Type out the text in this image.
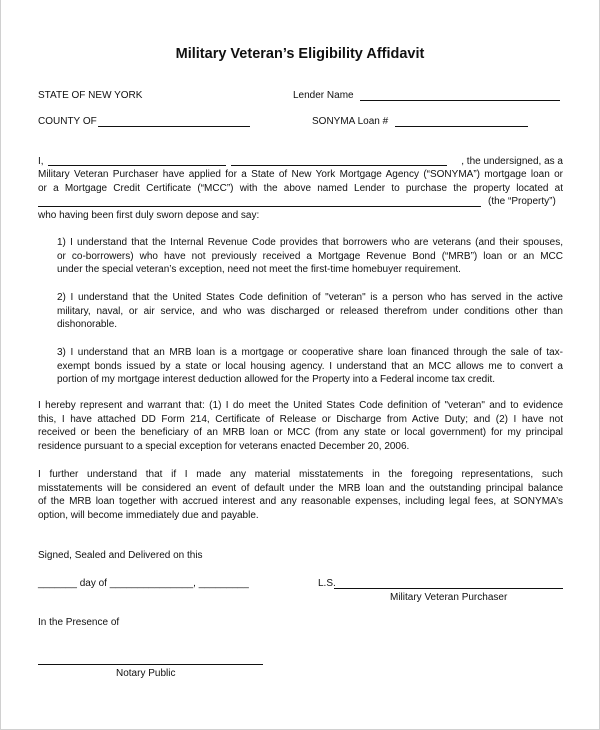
Military Veteran’s Eligibility Affidavit
STATE OF NEW YORK	Lender Name
COUNTY OF	SONYMA Loan #
I,	, the undersigned, as a
Military Veteran Purchaser have applied for a State of New York Mortgage Agency (“SONYMA”) mortgage loan or
or a Mortgage Credit Certificate (“MCC”) with the above named Lender to purchase the property located at
(the “Property”)
who having been first duly sworn depose and say:
1) I understand that the Internal Revenue Code provides that borrowers who are veterans (and their spouses,
or co-borrowers) who have not previously received a Mortgage Revenue Bond (“MRB”) loan or an MCC
under the special veteran’s exception, need not meet the first-time homebuyer requirement.
2) I understand that the United States Code definition of "veteran" is a person who has served in the active
military, naval, or air service, and who was discharged or released therefrom under conditions other than
dishonorable.
3) I understand that an MRB loan is a mortgage or cooperative share loan financed through the sale of tax-
exempt bonds issued by a state or local housing agency. I understand that an MCC allows me to convert a
portion of my mortgage interest deduction allowed for the Property into a Federal income tax credit.
I hereby represent and warrant that: (1) I do meet the United States Code definition of "veteran" and to evidence
this, I have attached DD Form 214, Certificate of Release or Discharge from Active Duty; and (2) I have not
received or been the beneficiary of an MRB loan or MCC (from any state or local government) for my principal
residence pursuant to a special exception for veterans enacted December 20, 2006.
I further understand that if I made any material misstatements in the foregoing representations, such
misstatements will be considered an event of default under the MRB loan and the outstanding principal balance
of the MRB loan together with accrued interest and any reasonable expenses, including legal fees, at SONYMA’s
option, will become immediately due and payable.
Signed, Sealed and Delivered on this
_______ day of _______________, _________	L.S.
Military Veteran Purchaser
In the Presence of
Notary Public
